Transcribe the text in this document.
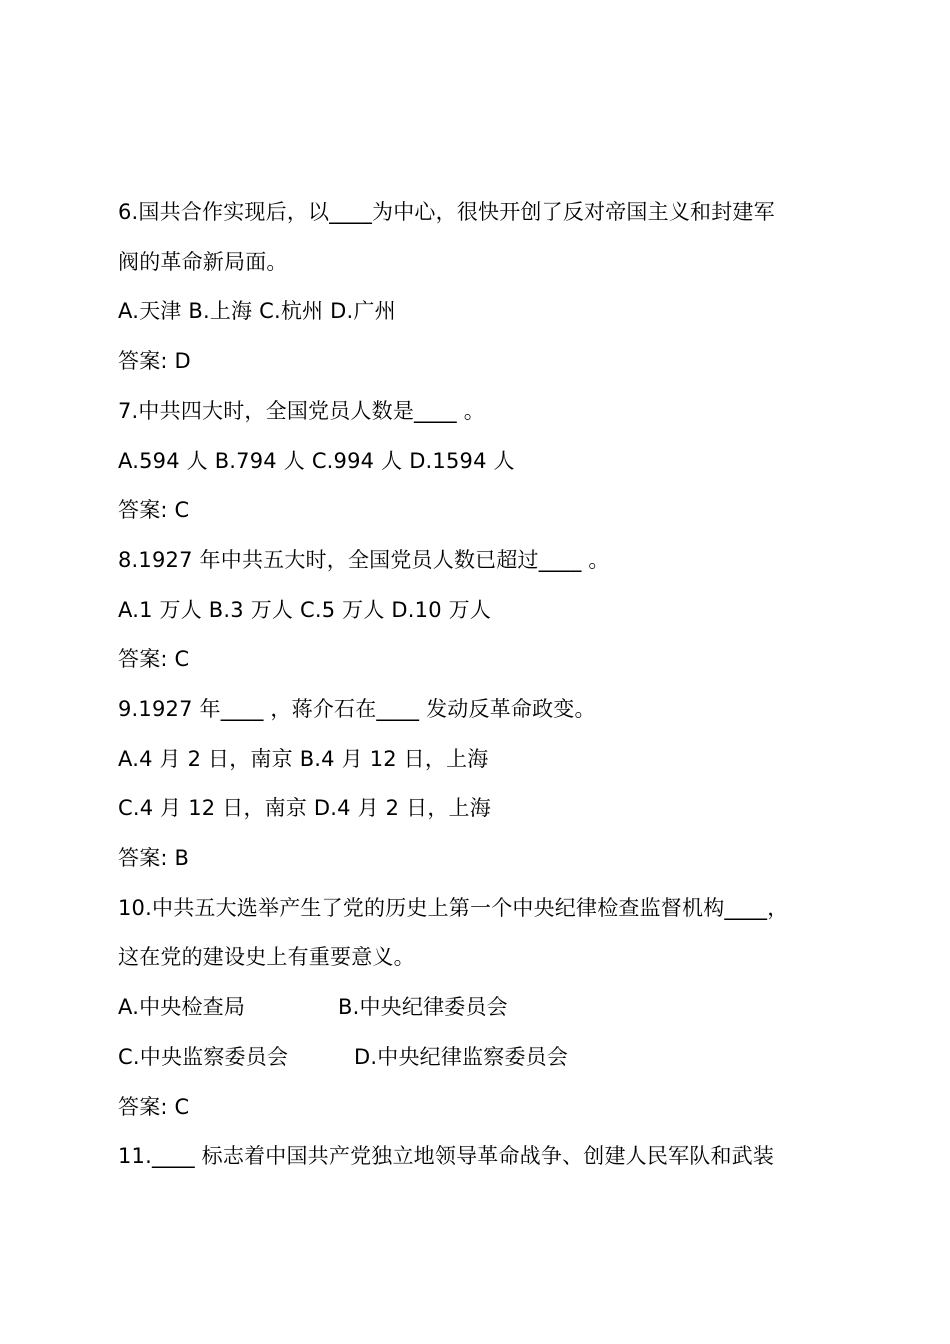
6.国共合作实现后，以____为中心，很快开创了反对帝国主义和封建军
阀的革命新局面。
A.天津 B.上海 C.杭州 D.广州
答案: D
7.中共四大时，全国党员人数是____ 。
A.594 人 B.794 人 C.994 人 D.1594 人
答案: C
8.1927 年中共五大时，全国党员人数已超过____ 。
A.1 万人 B.3 万人 C.5 万人 D.10 万人
答案: C
9.1927 年____ ，蒋介石在____ 发动反革命政变。
A.4 月 2 日，南京 B.4 月 12 日，上海
C.4 月 12 日，南京 D.4 月 2 日，上海
答案: B
10.中共五大选举产生了党的历史上第一个中央纪律检查监督机构____，
这在党的建设史上有重要意义。
A.中央检查局	B.中央纪律委员会
C.中央监察委员会	D.中央纪律监察委员会
答案: C
11.____ 标志着中国共产党独立地领导革命战争、创建人民军队和武装
